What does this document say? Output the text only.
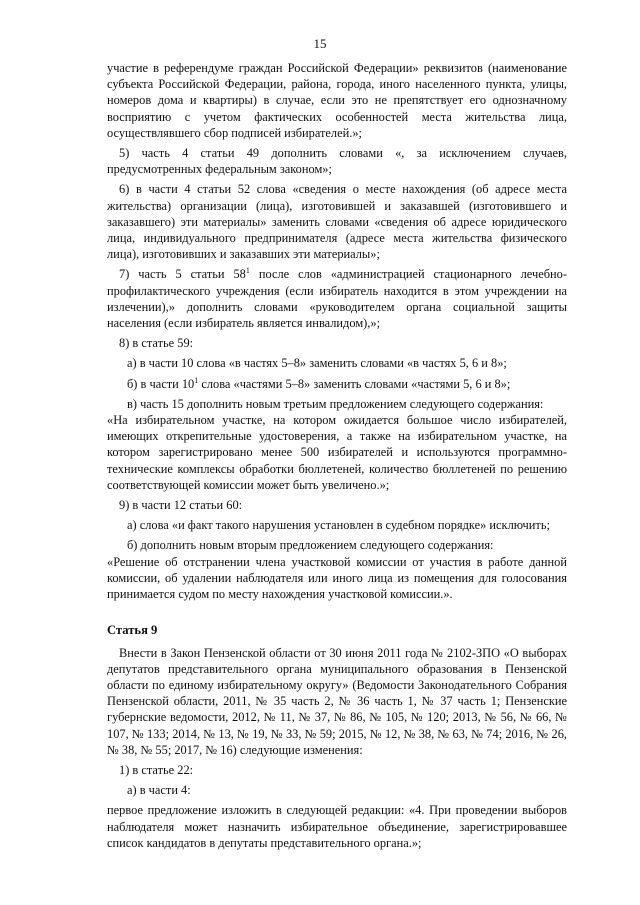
15

участие в референдуме граждан Российской Федерации» реквизитов (наименование субъекта Российской Федерации, района, города, иного населенного пункта, улицы, номеров дома и квартиры) в случае, если это не препятствует его однозначному восприятию с учетом фактических особенностей места жительства лица, осуществлявшего сбор подписей избирателей.»;

5) часть 4 статьи 49 дополнить словами «, за исключением случаев, предусмотренных федеральным законом»;

6) в части 4 статьи 52 слова «сведения о месте нахождения (об адресе места жительства) организации (лица), изготовившей и заказавшей (изготовившего и заказавшего) эти материалы» заменить словами «сведения об адресе юридического лица, индивидуального предпринимателя (адресе места жительства физического лица), изготовивших и заказавших эти материалы»;

7) часть 5 статьи $58^1$ после слов «администрацией стационарного лечебно-профилактического учреждения (если избиратель находится в этом учреждении на излечении),» дополнить словами «руководителем органа социальной защиты населения (если избиратель является инвалидом),»;

8) в статье 59:

а) в части 10 слова «в частях 5–8» заменить словами «в частях 5, 6 и 8»;

б) в части $10^1$ слова «частями 5–8» заменить словами «частями 5, 6 и 8»;

в) часть 15 дополнить новым третьим предложением следующего содержания:

«На избирательном участке, на котором ожидается большое число избирателей, имеющих открепительные удостоверения, а также на избирательном участке, на котором зарегистрировано менее 500 избирателей и используются программно-технические комплексы обработки бюллетеней, количество бюллетеней по решению соответствующей комиссии может быть увеличено.»;

9) в части 12 статьи 60:

а) слова «и факт такого нарушения установлен в судебном порядке» исключить;

б) дополнить новым вторым предложением следующего содержания:

«Решение об отстранении члена участковой комиссии от участия в работе данной комиссии, об удалении наблюдателя или иного лица из помещения для голосования принимается судом по месту нахождения участковой комиссии.».

Статья 9

Внести в Закон Пензенской области от 30 июня 2011 года № 2102-ЗПО «О выборах депутатов представительного органа муниципального образования в Пензенской области по единому избирательному округу» (Ведомости Законодательного Собрания Пензенской области, 2011, № 35 часть 2, № 36 часть 1, № 37 часть 1; Пензенские губернские ведомости, 2012, № 11, № 37, № 86, № 105, № 120; 2013, № 56, № 66, № 107, № 133; 2014, № 13, № 19, № 33, № 59; 2015, № 12, № 38, № 63, № 74; 2016, № 26, № 38, № 55; 2017, № 16) следующие изменения:

1) в статье 22:

а) в части 4:

первое предложение изложить в следующей редакции: «4. При проведении выборов наблюдателя может назначить избирательное объединение, зарегистрировавшее список кандидатов в депутаты представительного органа.»;
